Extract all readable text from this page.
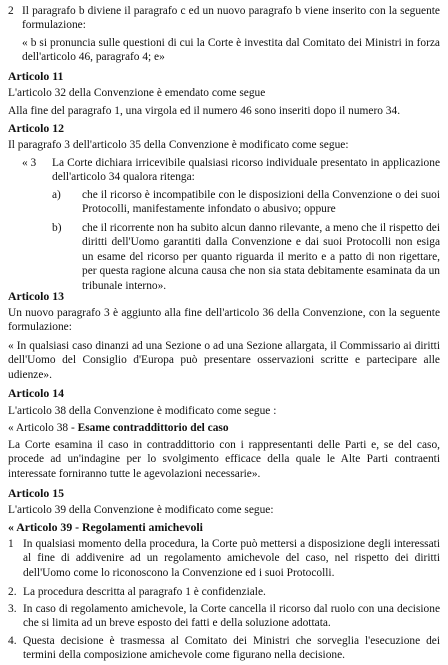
2 Il paragrafo b diviene il paragrafo c ed un nuovo paragrafo b viene inserito con la seguente formulazione:

« b si pronuncia sulle questioni di cui la Corte è investita dal Comitato dei Ministri in forza dell'articolo 46, paragrafo 4; e»

Articolo 11

L'articolo 32 della Convenzione è emendato come segue

Alla fine del paragrafo 1, una virgola ed il numero 46 sono inseriti dopo il numero 34.

Articolo 12

Il paragrafo 3 dell'articolo 35 della Convenzione è modificato come segue:

« 3	La Corte dichiara irricevibile qualsiasi ricorso individuale presentato in applicazione dell'articolo 34 qualora ritenga:
a)	che il ricorso è incompatibile con le disposizioni della Convenzione o dei suoi Protocolli, manifestamente infondato o abusivo; oppure
b)	che il ricorrente non ha subito alcun danno rilevante, a meno che il rispetto dei diritti dell'Uomo garantiti dalla Convenzione e dai suoi Protocolli non esiga un esame del ricorso per quanto riguarda il merito e a patto di non rigettare, per questa ragione alcuna causa che non sia stata debitamente esaminata da un tribunale interno».

Articolo 13

Un nuovo paragrafo 3 è aggiunto alla fine dell'articolo 36 della Convenzione, con la seguente formulazione:

« In qualsiasi caso dinanzi ad una Sezione o ad una Sezione allargata, il Commissario ai diritti dell'Uomo del Consiglio d'Europa può presentare osservazioni scritte e partecipare alle udienze».

Articolo 14

L'articolo 38 della Convenzione è modificato come segue :

« Articolo 38 - Esame contraddittorio del caso

La Corte esamina il caso in contraddittorio con i rappresentanti delle Parti e, se del caso, procede ad un'indagine per lo svolgimento efficace della quale le Alte Parti contraenti interessate forniranno tutte le agevolazioni necessarie».

Articolo 15

L'articolo 39 della Convenzione è modificato come segue:

« Articolo 39 - Regolamenti amichevoli

1 In qualsiasi momento della procedura, la Corte può mettersi a disposizione degli interessati al fine di addivenire ad un regolamento amichevole del caso, nel rispetto dei diritti dell'Uomo come lo riconoscono la Convenzione ed i suoi Protocolli.
2. La procedura descritta al paragrafo 1 è confidenziale.
3. In caso di regolamento amichevole, la Corte cancella il ricorso dal ruolo con una decisione che si limita ad un breve esposto dei fatti e della soluzione adottata.
4. Questa decisione è trasmessa al Comitato dei Ministri che sorveglia l'esecuzione dei termini della composizione amichevole come figurano nella decisione.
